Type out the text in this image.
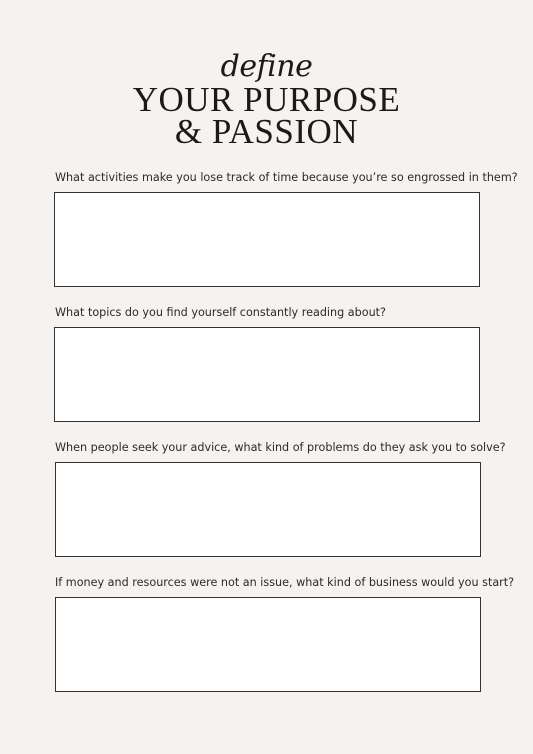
define
YOUR PURPOSE
& PASSION
What activities make you lose track of time because you’re so engrossed in them?
What topics do you find yourself constantly reading about?
When people seek your advice, what kind of problems do they ask you to solve?
If money and resources were not an issue, what kind of business would you start?
